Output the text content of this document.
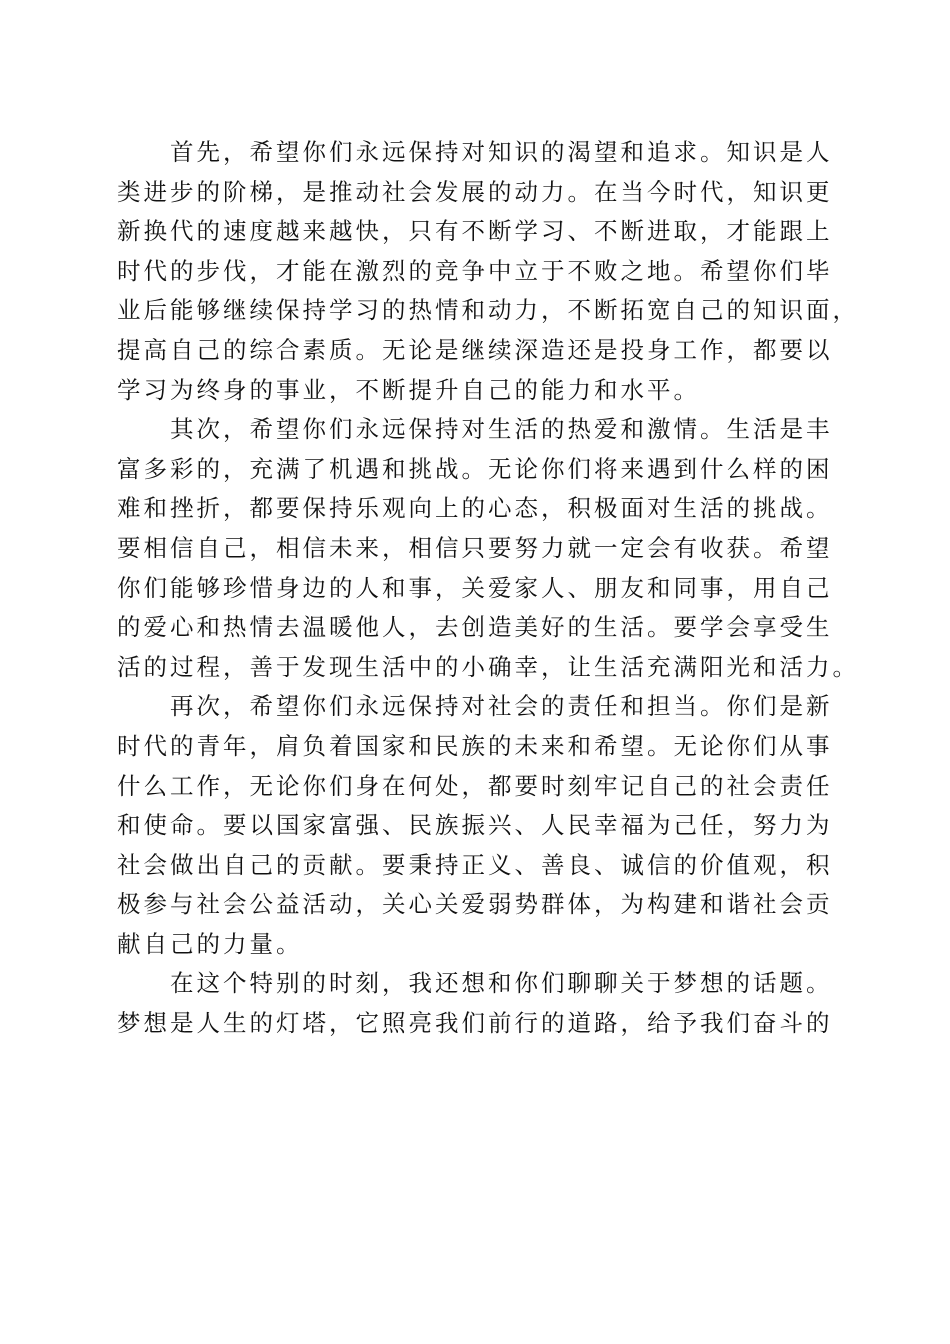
首先，希望你们永远保持对知识的渴望和追求。知识是人
类进步的阶梯，是推动社会发展的动力。在当今时代，知识更
新换代的速度越来越快，只有不断学习、不断进取，才能跟上
时代的步伐，才能在激烈的竞争中立于不败之地。希望你们毕
业后能够继续保持学习的热情和动力，不断拓宽自己的知识面，
提高自己的综合素质。无论是继续深造还是投身工作，都要以
学习为终身的事业，不断提升自己的能力和水平。
其次，希望你们永远保持对生活的热爱和激情。生活是丰
富多彩的，充满了机遇和挑战。无论你们将来遇到什么样的困
难和挫折，都要保持乐观向上的心态，积极面对生活的挑战。
要相信自己，相信未来，相信只要努力就一定会有收获。希望
你们能够珍惜身边的人和事，关爱家人、朋友和同事，用自己
的爱心和热情去温暖他人，去创造美好的生活。要学会享受生
活的过程，善于发现生活中的小确幸，让生活充满阳光和活力。
再次，希望你们永远保持对社会的责任和担当。你们是新
时代的青年，肩负着国家和民族的未来和希望。无论你们从事
什么工作，无论你们身在何处，都要时刻牢记自己的社会责任
和使命。要以国家富强、民族振兴、人民幸福为己任，努力为
社会做出自己的贡献。要秉持正义、善良、诚信的价值观，积
极参与社会公益活动，关心关爱弱势群体，为构建和谐社会贡
献自己的力量。
在这个特别的时刻，我还想和你们聊聊关于梦想的话题。
梦想是人生的灯塔，它照亮我们前行的道路，给予我们奋斗的
